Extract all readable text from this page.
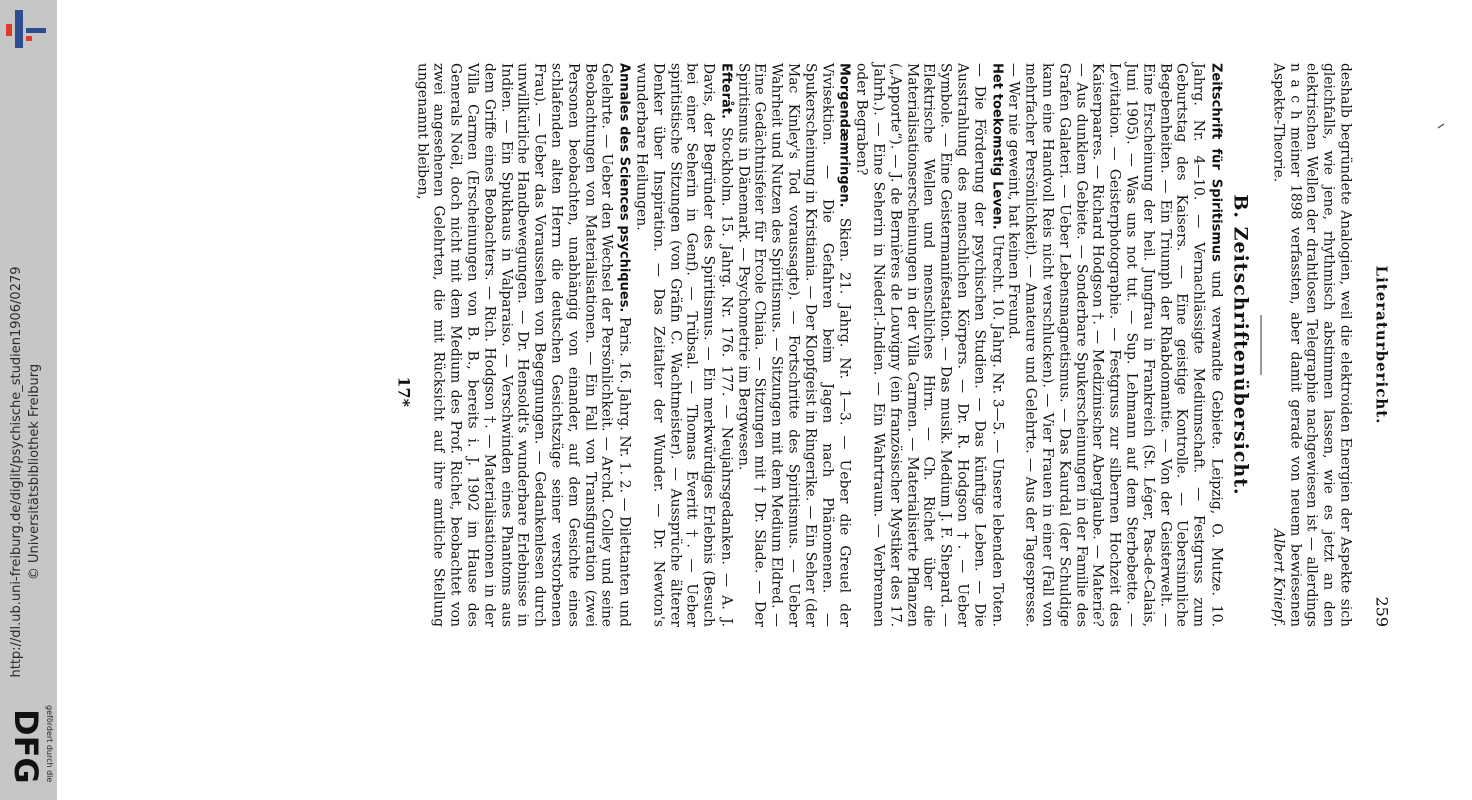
http://dl.ub.uni-freiburg.de/diglit/psychische_studien1906/0279 © Universitätsbibliothek Freiburg
gefördert durch die
DFG
Literaturbericht.
259

deshalb begründete Analogien, weil die elektroiden Energien der Aspekte sich gleichfalls, wie jene, rhythmisch abstimmen lassen, wie es jetzt an den elektrischen Wellen der drahtlosen Telegraphie nachgewiesen ist — allerdings n a c h meiner 1898 verfassten, aber damit gerade von neuem bewiesenen Aspekte-Theorie.
Albert Kniepf.

B. Zeitschriftenübersicht.

Zeitschrift für Spiritismus und verwandte Gebiete. Leipzig, O. Mutze. 10. Jahrg. Nr. 4—10. — Vernachlässigte Mediumschaft. — Festgruss zum Geburtstag des Kaisers. — Eine geistige Kontrolle. — Uebersinnliche Begebenheiten. — Ein Triumph der Rhabdomantie. — Von der Geisterwelt. — Eine Erscheinung der heil. Jungfrau in Frankreich (St. Léger, Pas-de-Calais, Juni 1905). — Was uns not tut. — Sup. Lehmann auf dem Sterbebette. — Levitation. — Geisterphotographie. — Festgruss zur silbernen Hochzeit des Kaiserpaares. — Richard Hodgson †. — Medizinischer Aberglaube. — Materie? — Aus dunklem Gebiete. — Sonderbare Spukerscheinungen in der Familie des Grafen Galateri. — Ueber Lebensmagnetismus. — Das Kaurdal (der Schuldige kann eine Handvoll Reis nicht verschlucken). — Vier Frauen in einer (Fall von mehrfacher Persönlichkeit). — Amateure und Gelehrte. — Aus der Tagespresse. — Wer nie geweint, hat keinen Freund.

Het toekomstig Leven. Utrecht. 10. Jahrg. Nr. 3—5. — Unsere lebenden Toten. — Die Förderung der psychischen Studien. — Das künftige Leben. — Die Ausstrahlung des menschlichen Körpers. — Dr. R. Hodgson †. — Ueber Symbole. — Eine Geistermanifestation. — Das musik. Medium J. F. Shepard. — Elektrische Wellen und menschliches Hirn. — Ch. Richet über die Materialisationserscheinungen in der Villa Carmen. — Materialisierte Pflanzen („Apporte“). — J. de Bernières de Louvigny (ein französischer Mystiker des 17. Jahrh.). — Eine Seherin in Niederl.-Indien. — Ein Wahrtraum. — Verbrennen oder Begraben?

Morgendæmringen. Skien. 21. Jahrg. Nr. 1—3. — Ueber die Greuel der Vivisektion. — Die Gefahren beim Jagen nach Phänomenen. — Spukerscheinung in Kristiania. — Der Klopfgeist in Ringerike. — Ein Seher (der Mac Kinley's Tod voraussagte). — Fortschritte des Spiritismus. — Ueber Wahrheit und Nutzen des Spiritismus. — Sitzungen mit dem Medium Eldred. — Eine Gedächtnisfeier für Ercole Chiaia. — Sitzungen mit † Dr. Slade. — Der Spiritismus in Dänemark. — Psychometrie im Bergwesen.

Efteråt. Stockholm. 15. Jahrg. Nr. 176. 177. — Neujahrsgedanken. — A. J. Davis, der Begründer des Spiritismus. — Ein merkwürdiges Erlebnis (Besuch bei einer Seherin in Genf). — Trübsal. — Thomas Everitt †. — Ueber spiritistische Sitzungen (von Gräfin C. Wachtmeister). — Aussprüche älterer Denker über Inspiration. — Das Zeitalter der Wunder. — Dr. Newton's wunderbare Heilungen.

Annales des Sciences psychiques. Paris. 16. Jahrg. Nr. 1. 2. — Dilettanten und Gelehrte. — Ueber den Wechsel der Persönlichkeit. — Archd. Colley und seine Beobachtungen von Materialisationen. — Ein Fall von Transfiguration (zwei Personen beobachten, unabhängig von einander, auf dem Gesichte eines schlafenden alten Herrn die deutschen Gesichtszüge seiner verstorbenen Frau). — Ueber das Voraussehen von Begegnungen. — Gedankenlesen durch unwillkürliche Handbewegungen. — Dr. Hensoldt's wunderbare Erlebnisse in Indien. — Ein Spukhaus in Valparaiso. — Verschwinden eines Phantoms aus dem Griffe eines Beobachters. — Rich. Hodgson †. — Materialisationen in der Villa Carmen (Erscheinungen von B. B., bereits i. J. 1902 im Hause des Generals Noël, doch nicht mit dem Medium des Prof. Richet, beobachtet von zwei angesehenen Gelehrten, die mit Rücksicht auf ihre amtliche Stellung ungenannt bleiben,

17*
